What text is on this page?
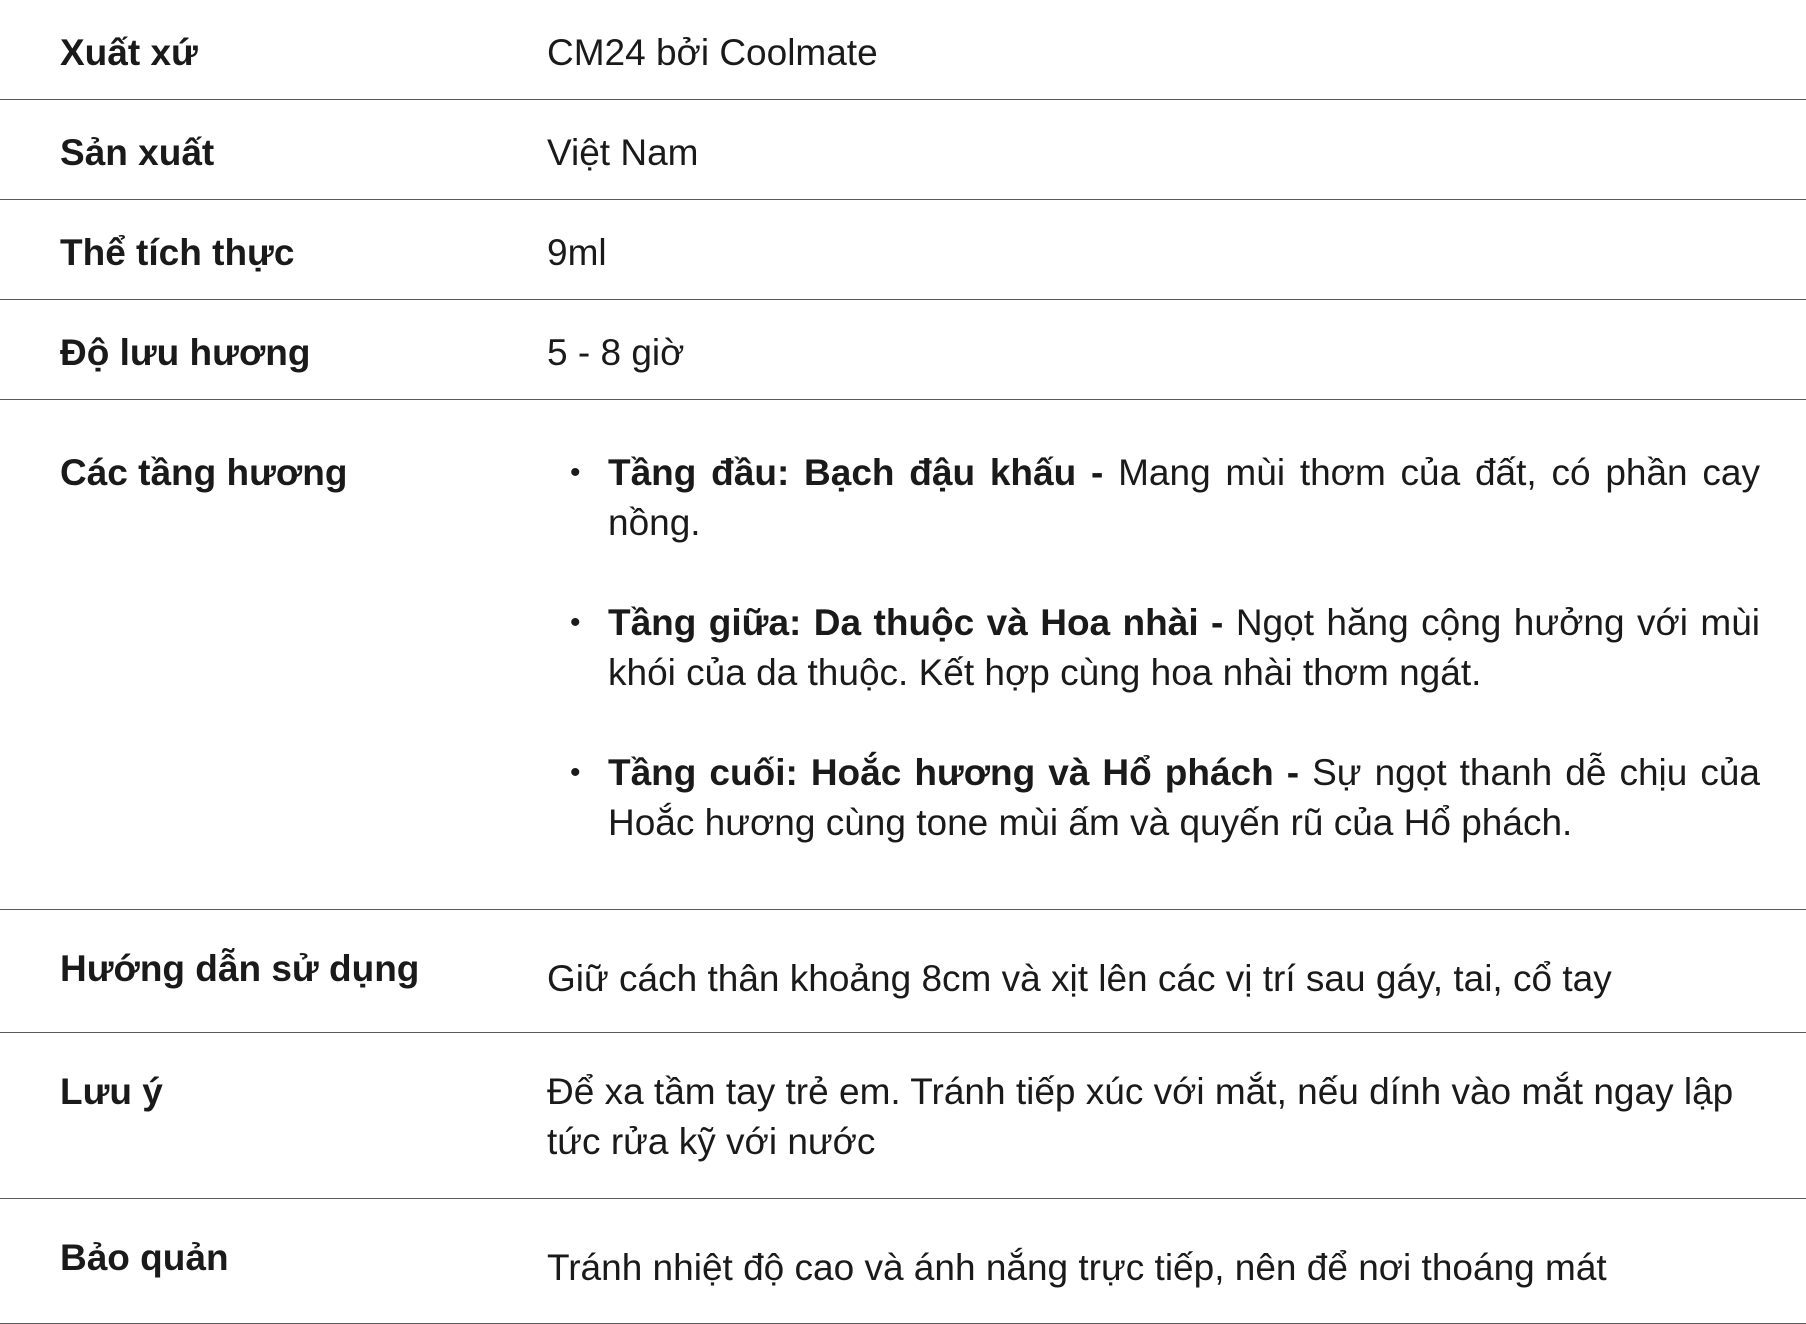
Xuất xứ	CM24 bởi Coolmate
Sản xuất	Việt Nam
Thể tích thực	9ml
Độ lưu hương	5 - 8 giờ
Các tầng hương	• Tầng đầu: Bạch đậu khấu - Mang mùi thơm của đất, có phần cay nồng.
• Tầng giữa: Da thuộc và Hoa nhài - Ngọt hăng cộng hưởng với mùi khói của da thuộc. Kết hợp cùng hoa nhài thơm ngát.
• Tầng cuối: Hoắc hương và Hổ phách - Sự ngọt thanh dễ chịu của Hoắc hương cùng tone mùi ấm và quyến rũ của Hổ phách.
Hướng dẫn sử dụng	Giữ cách thân khoảng 8cm và xịt lên các vị trí sau gáy, tai, cổ tay
Lưu ý	Để xa tầm tay trẻ em. Tránh tiếp xúc với mắt, nếu dính vào mắt ngay lập tức rửa kỹ với nước
Bảo quản	Tránh nhiệt độ cao và ánh nắng trực tiếp, nên để nơi thoáng mát
